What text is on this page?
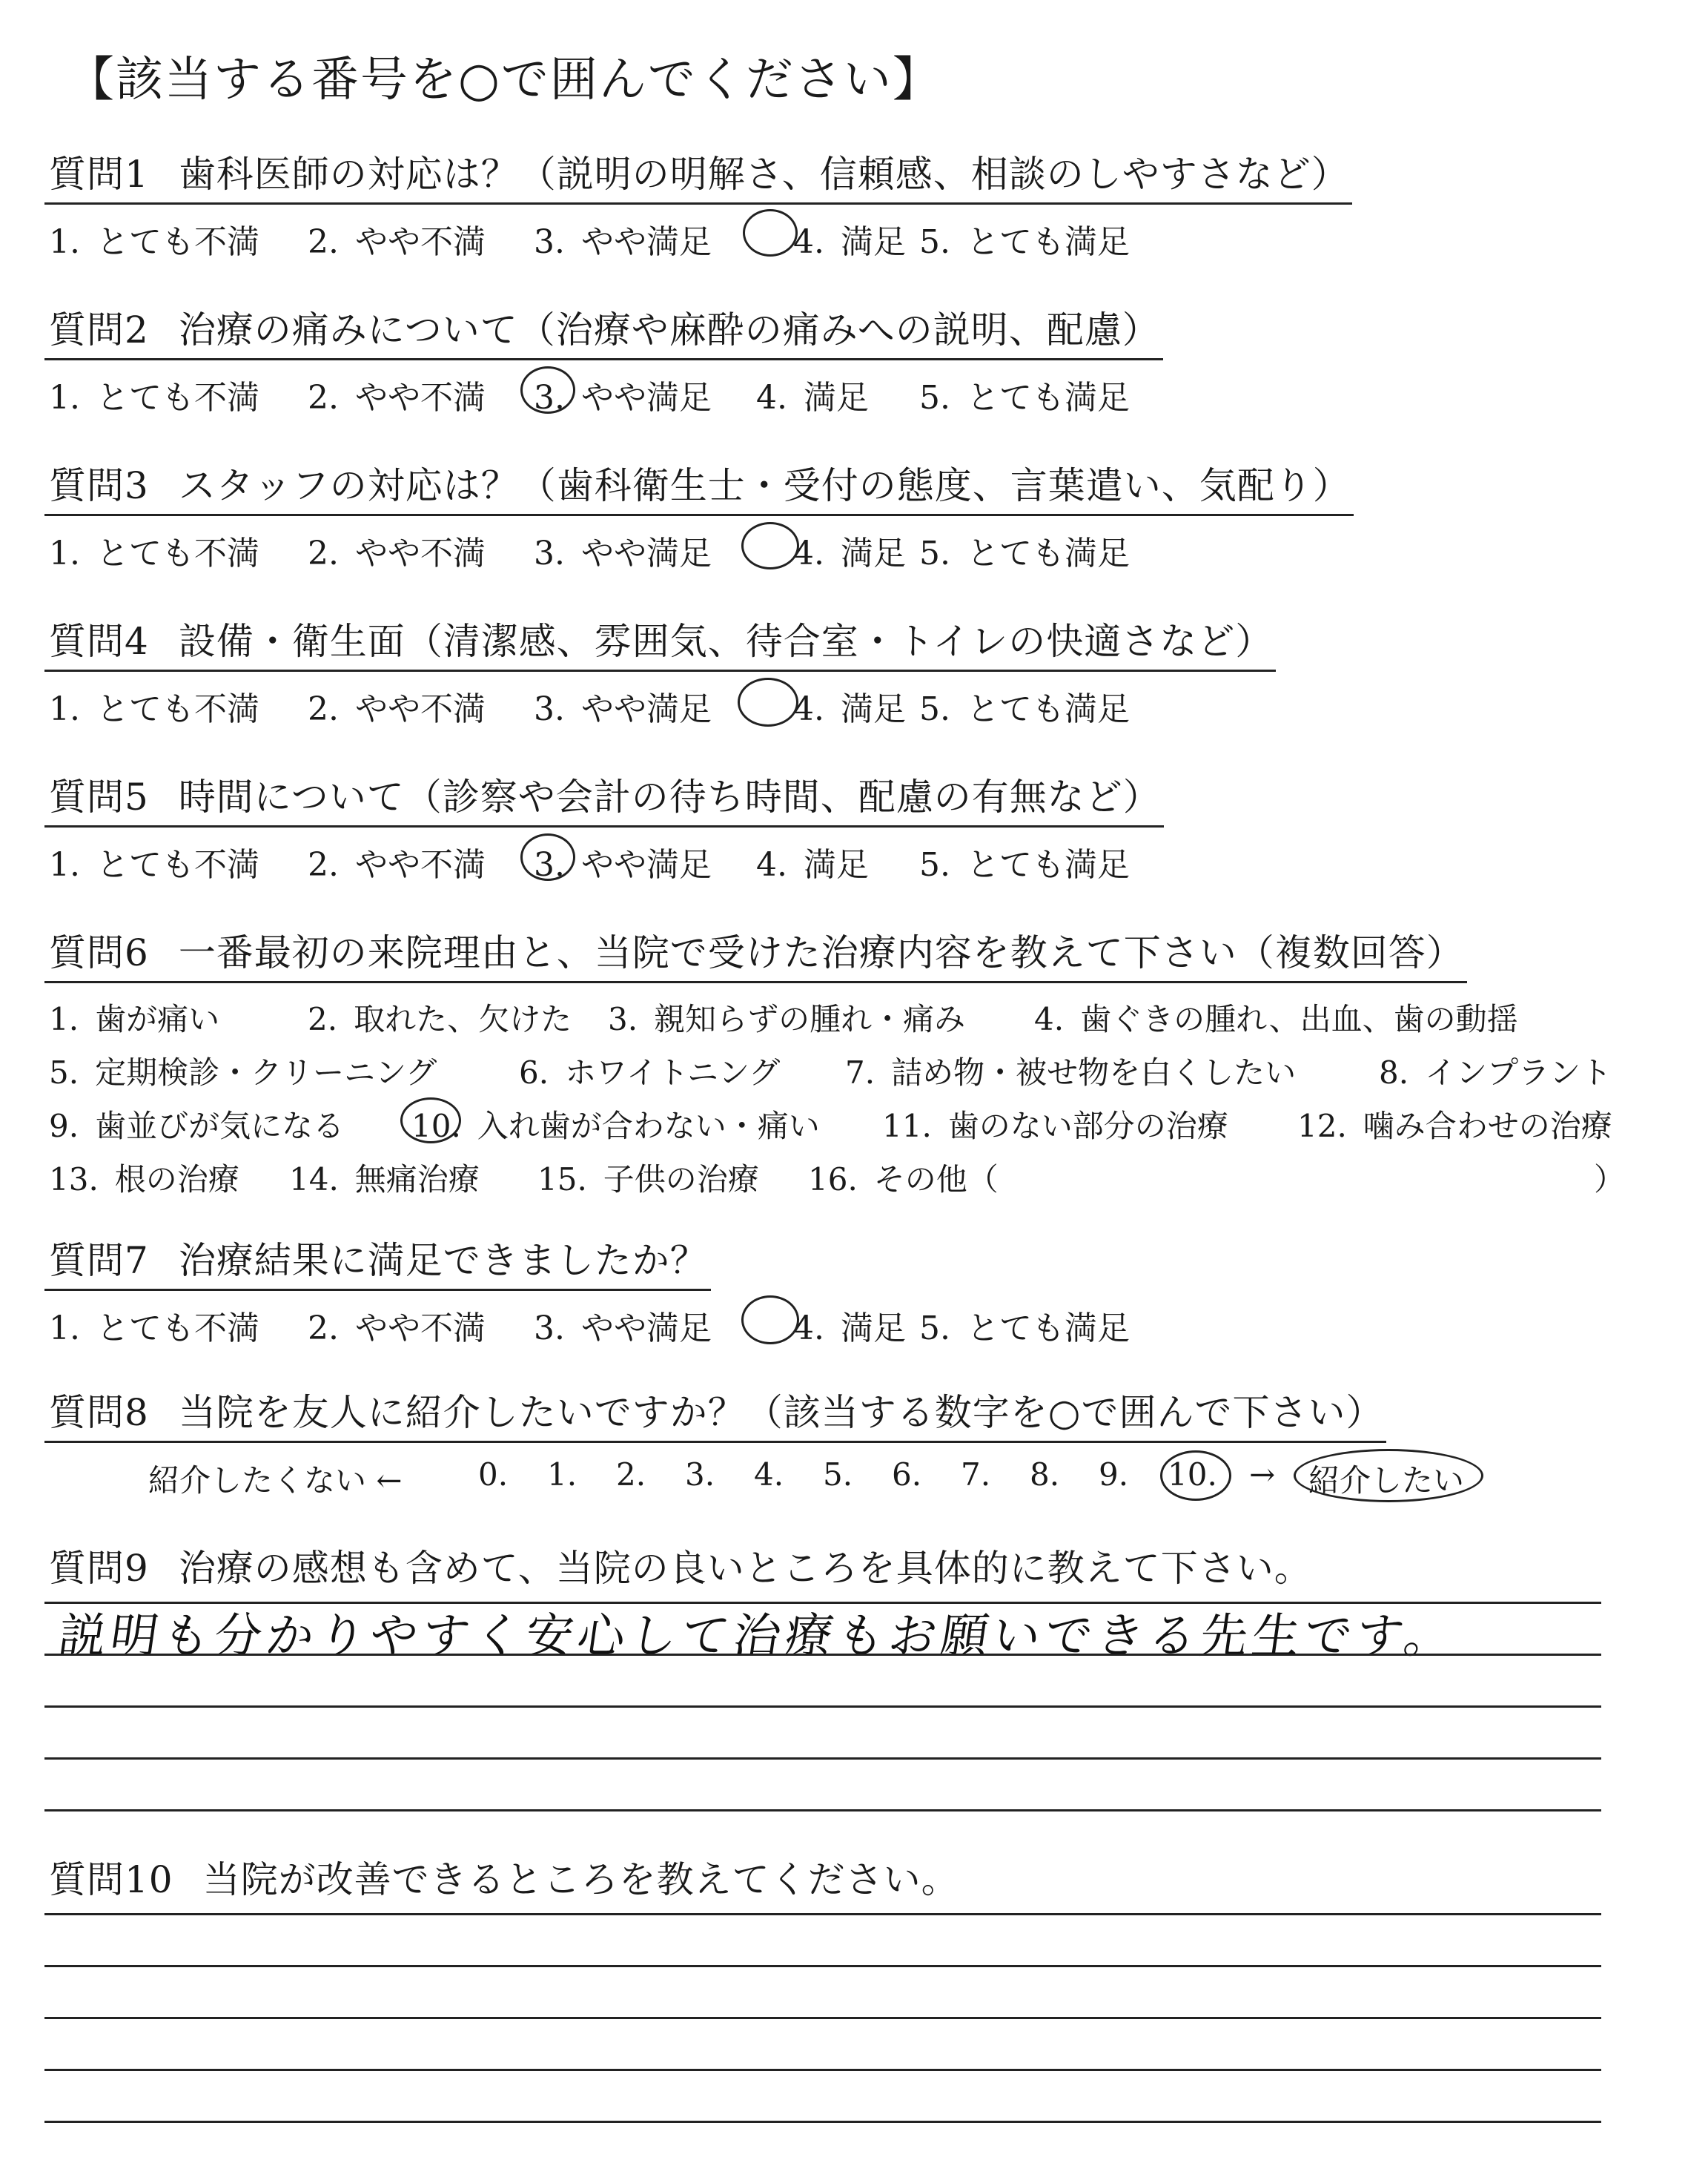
【該当する番号を○で囲んでください】
質問1 歯科医師の対応は？（説明の明解さ、信頼感、相談のしやすさなど）
1. とても不満 2. やや不満 3. やや満足	4. 満足 5. とても満足
質問2 治療の痛みについて（治療や麻酔の痛みへの説明、配慮）
1. とても不満 2. やや不満 3. やや満足 4. 満足 5. とても満足
質問3 スタッフの対応は？（歯科衛生士・受付の態度、言葉遣い、気配り）
1. とても不満 2. やや不満 3. やや満足	4. 満足 5. とても満足
質問4 設備・衛生面（清潔感、雰囲気、待合室・トイレの快適さなど）
1. とても不満 2. やや不満 3. やや満足	4. 満足 5. とても満足
質問5 時間について（診察や会計の待ち時間、配慮の有無など）
1. とても不満 2. やや不満 3. やや満足 4. 満足 5. とても満足
質問6 一番最初の来院理由と、当院で受けた治療内容を教えて下さい（複数回答）
1. 歯が痛い	2. 取れた、欠けた 3. 親知らずの腫れ・痛み 4. 歯ぐきの腫れ、出血、歯の動揺
5. 定期検診・クリーニング	6. ホワイトニング 7. 詰め物・被せ物を白くしたい	8. インプラント
9. 歯並びが気になる 10. 入れ歯が合わない・痛い 11. 歯のない部分の治療 12. 噛み合わせの治療
13. 根の治療 14. 無痛治療 15. 子供の治療 16. その他（	）
質問7 治療結果に満足できましたか？
1. とても不満 2. やや不満 3. やや満足	4. 満足 5. とても満足
質問8 当院を友人に紹介したいですか？（該当する数字を○で囲んで下さい）
紹介したくない ← 0. 1. 2. 3. 4. 5. 6. 7. 8. 9. 10. → 紹介したい
質問9 治療の感想も含めて、当院の良いところを具体的に教えて下さい。
説明も分かりやすく安心して治療もお願いできる先生です。
質問10 当院が改善できるところを教えてください。
